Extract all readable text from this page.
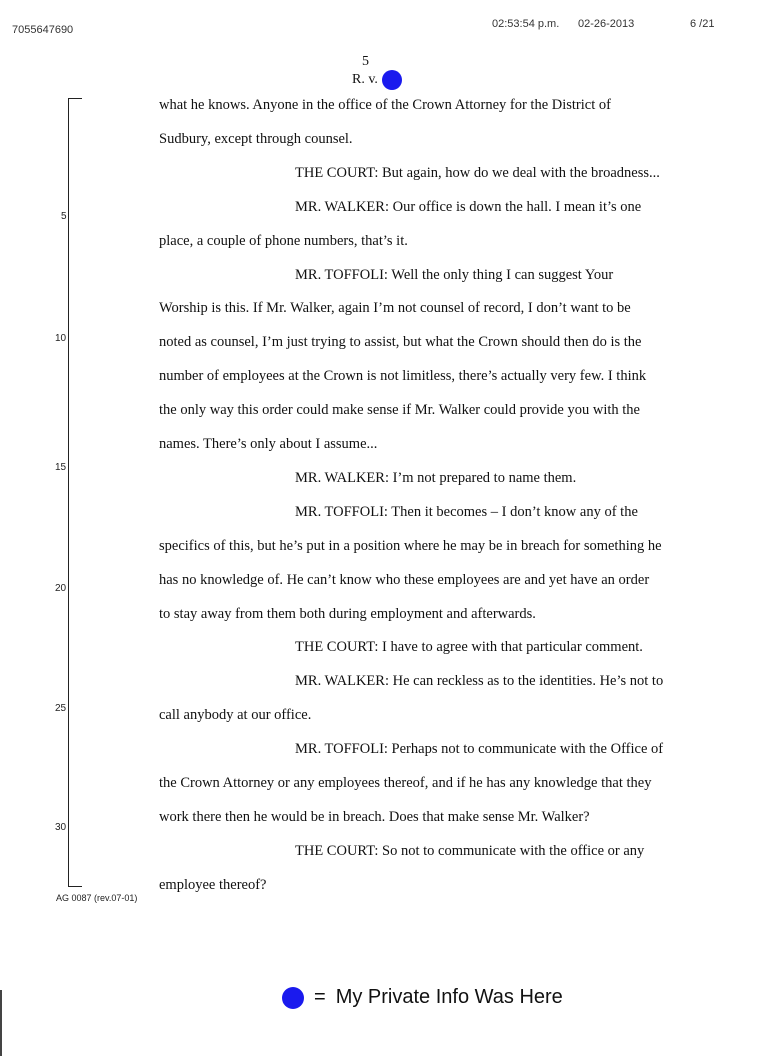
7055647690	02:53:54 p.m. 02-26-2013	6 /21
5
R. v.
5
10
15
20
25
30
what he knows. Anyone in the office of the Crown Attorney for the District of
Sudbury, except through counsel.
THE COURT: But again, how do we deal with the broadness...
MR. WALKER: Our office is down the hall. I mean it’s one
place, a couple of phone numbers, that’s it.
MR. TOFFOLI: Well the only thing I can suggest Your
Worship is this. If Mr. Walker, again I’m not counsel of record, I don’t want to be
noted as counsel, I’m just trying to assist, but what the Crown should then do is the
number of employees at the Crown is not limitless, there’s actually very few. I think
the only way this order could make sense if Mr. Walker could provide you with the
names. There’s only about I assume...
MR. WALKER: I’m not prepared to name them.
MR. TOFFOLI: Then it becomes – I don’t know any of the
specifics of this, but he’s put in a position where he may be in breach for something he
has no knowledge of. He can’t know who these employees are and yet have an order
to stay away from them both during employment and afterwards.
THE COURT: I have to agree with that particular comment.
MR. WALKER: He can reckless as to the identities. He’s not to
call anybody at our office.
MR. TOFFOLI: Perhaps not to communicate with the Office of
the Crown Attorney or any employees thereof, and if he has any knowledge that they
work there then he would be in breach. Does that make sense Mr. Walker?
THE COURT: So not to communicate with the office or any
employee thereof?
AG 0087 (rev.07-01)
= My Private Info Was Here
